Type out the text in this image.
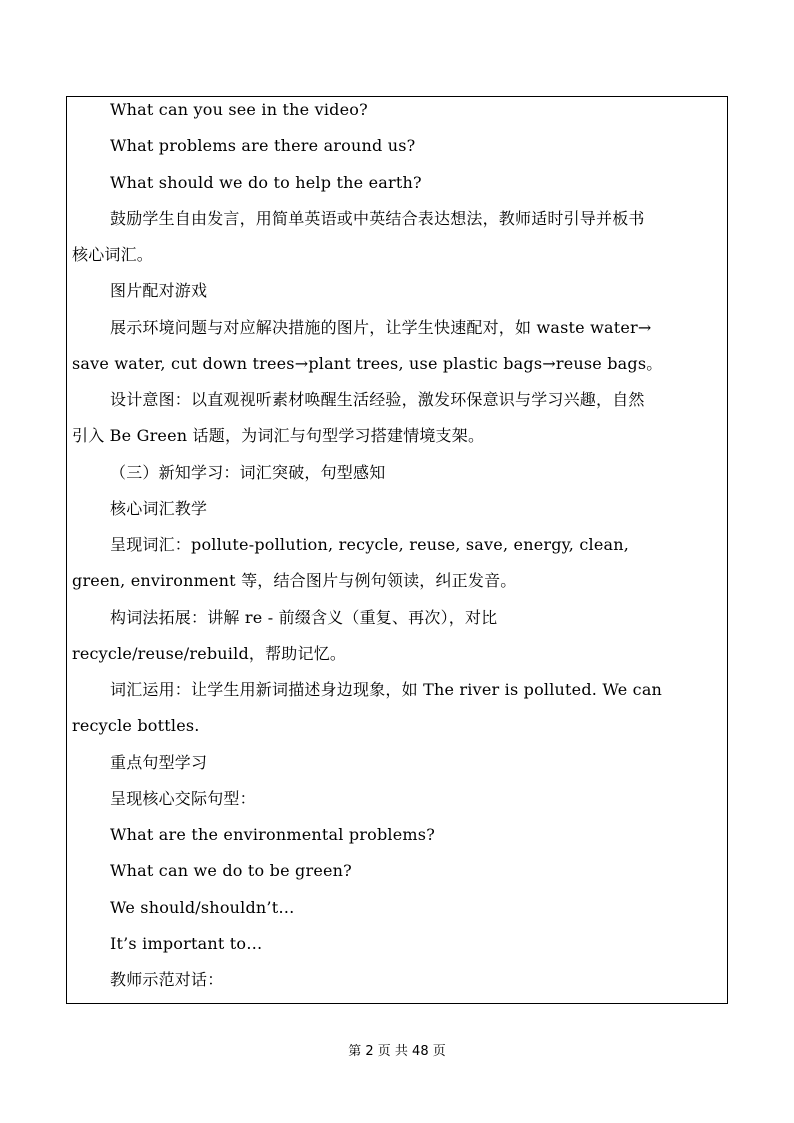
What can you see in the video?
What problems are there around us?
What should we do to help the earth?
鼓励学生自由发言，用简单英语或中英结合表达想法，教师适时引导并板书
核心词汇。
图片配对游戏
展示环境问题与对应解决措施的图片，让学生快速配对，如 waste water→
save water, cut down trees→plant trees, use plastic bags→reuse bags。
设计意图：以直观视听素材唤醒生活经验，激发环保意识与学习兴趣，自然
引入 Be Green 话题，为词汇与句型学习搭建情境支架。
（三）新知学习：词汇突破，句型感知
核心词汇教学
呈现词汇：pollute-pollution, recycle, reuse, save, energy, clean,
green, environment 等，结合图片与例句领读，纠正发音。
构词法拓展：讲解 re - 前缀含义（重复、再次），对比
recycle/reuse/rebuild，帮助记忆。
词汇运用：让学生用新词描述身边现象，如 The river is polluted. We can
recycle bottles.
重点句型学习
呈现核心交际句型：
What are the environmental problems?
What can we do to be green?
We should/shouldn’t…
It’s important to…
教师示范对话：
第 2 页 共 48 页
